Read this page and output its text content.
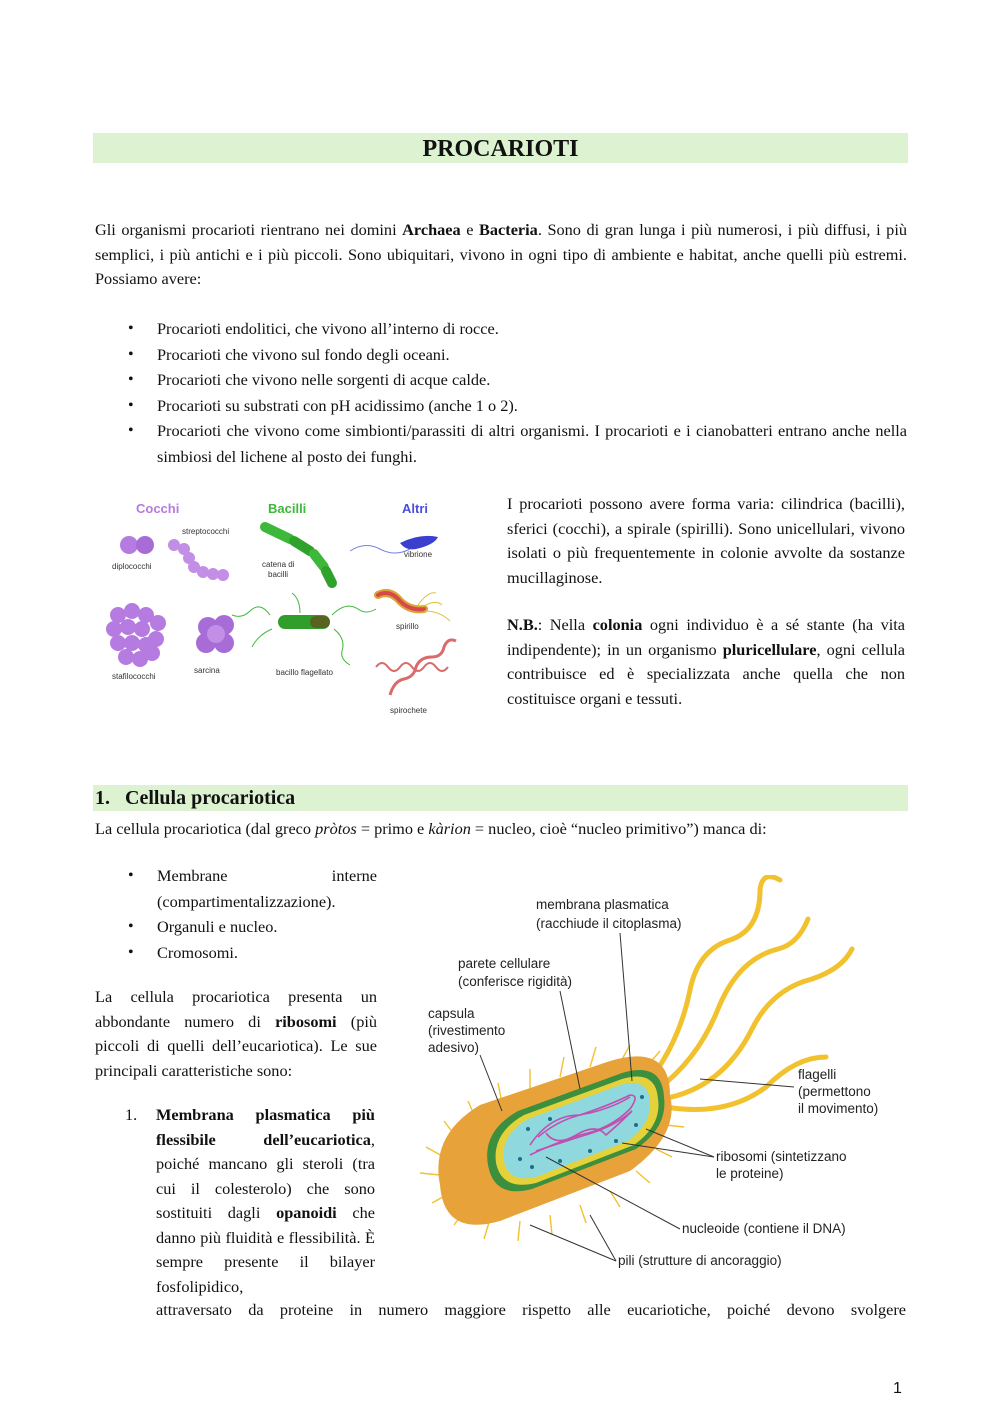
PROCARIOTI

Gli organismi procarioti rientrano nei domini Archaea e Bacteria. Sono di gran lunga i più numerosi, i più diffusi, i più semplici, i più antichi e i più piccoli. Sono ubiquitari, vivono in ogni tipo di ambiente e habitat, anche quelli più estremi. Possiamo avere:

• Procarioti endolitici, che vivono all’interno di rocce.
• Procarioti che vivono sul fondo degli oceani.
• Procarioti che vivono nelle sorgenti di acque calde.
• Procarioti su substrati con pH acidissimo (anche 1 o 2).
• Procarioti che vivono come simbionti/parassiti di altri organismi. I procarioti e i cianobatteri entrano anche nella simbiosi del lichene al posto dei funghi.
Cocchi	Bacilli	Altri
diplococchi
streptococchi
stafilococchi
sarcina
catena di
bacilli
bacillo flagellato
vibrione
spirillo
spirochete

I procarioti possono avere forma varia: cilindrica (bacilli), sferici (cocchi), a spirale (spirilli). Sono unicellulari, vivono isolati o più frequentemente in colonie avvolte da sostanze mucillaginose.

N.B.: Nella colonia ogni individuo è a sé stante (ha vita indipendente); in un organismo pluricellulare, ogni cellula contribuisce ed è specializzata anche quella che non costituisce organi e tessuti.

1. Cellula procariotica

La cellula procariotica (dal greco pròtos = primo e kàrion = nucleo, cioè “nucleo primitivo”) manca di:

• Membrane interne (compartimentalizzazione).
• Organuli e nucleo.
• Cromosomi.

La cellula procariotica presenta un abbondante numero di ribosomi (più piccoli di quelli dell’eucariotica). Le sue principali caratteristiche sono:

1. Membrana plasmatica più flessibile dell’eucariotica, poiché mancano gli steroli (tra cui il colesterolo) che sono sostituiti dagli opanoidi che danno più fluidità e flessibilità. È sempre presente il bilayer fosfolipidico,

attraversato da proteine in numero maggiore rispetto alle eucariotiche, poiché devono svolgere

membrana plasmatica
(racchiude il citoplasma)
parete cellulare
(conferisce rigidità)
capsula
(rivestimento
adesivo)
flagelli
(permettono
il movimento)
ribosomi (sintetizzano
le proteine)
nucleoide (contiene il DNA)
pili (strutture di ancoraggio)
1
